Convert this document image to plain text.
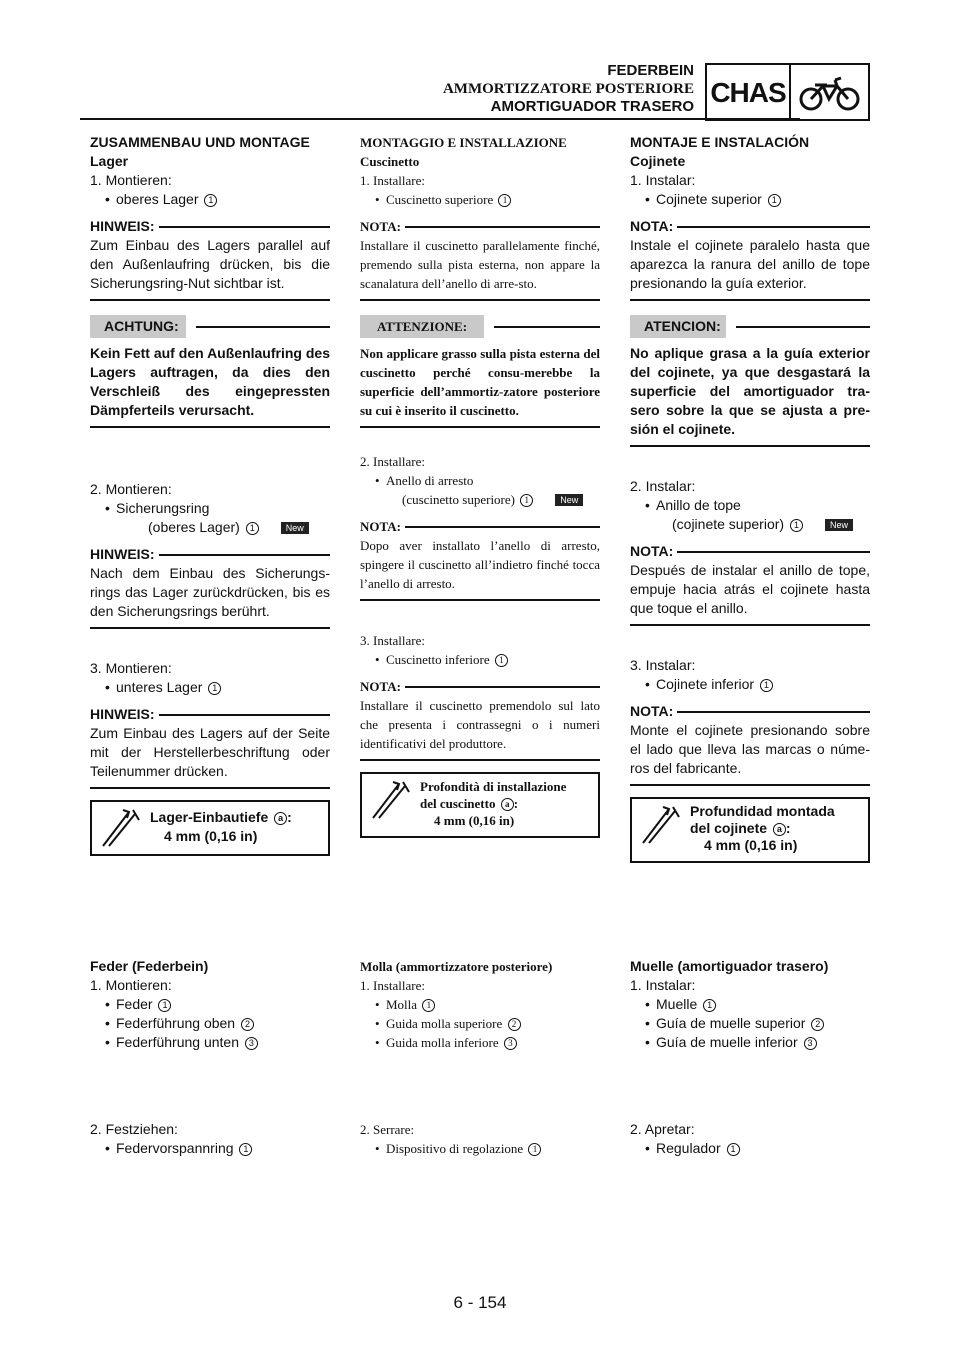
FEDERBEIN
AMMORTIZZATORE POSTERIORE
AMORTIGUADOR TRASERO CHAS
ZUSAMMENBAU UND MONTAGE
Lager
1. Montieren:
• oberes Lager 1
HINWEIS:
Zum Einbau des Lagers parallel auf den Außenlaufring drücken, bis die Sicherungsring-Nut sichtbar ist.
ACHTUNG:
Kein Fett auf den Außenlaufring des Lagers auftragen, da dies den Verschleiß des eingepressten Dämpferteils verursacht.
2. Montieren:
• Sicherungsring
(oberes Lager) 1	New
HINWEIS:
Nach dem Einbau des Sicherungs-rings das Lager zurückdrücken, bis es den Sicherungsrings berührt.
3. Montieren:
• unteres Lager 1
HINWEIS:
Zum Einbau des Lagers auf der Seite mit der Herstellerbeschriftung oder Teilenummer drücken.
Lager-Einbautiefe a :
4 mm (0,16 in)
MONTAGGIO E INSTALLAZIONE
Cuscinetto
1. Installare:
• Cuscinetto superiore 1
NOTA:
Installare il cuscinetto parallelamente finché, premendo sulla pista esterna, non appare la scanalatura dell’anello di arre-sto.
ATTENZIONE:
Non applicare grasso sulla pista esterna del cuscinetto perché consu-merebbe la superficie dell’ammortiz-zatore posteriore su cui è inserito il cuscinetto.
2. Installare:
• Anello di arresto
(cuscinetto superiore) 1	New
NOTA:
Dopo aver installato l’anello di arresto, spingere il cuscinetto all’indietro finché tocca l’anello di arresto.
3. Installare:
• Cuscinetto inferiore 1
NOTA:
Installare il cuscinetto premendolo sul lato che presenta i contrassegni o i numeri identificativi del produttore.
Profondità di installazione
del cuscinetto a :
4 mm (0,16 in)
MONTAJE E INSTALACIÓN
Cojinete
1. Instalar:
• Cojinete superior 1
NOTA:
Instale el cojinete paralelo hasta que aparezca la ranura del anillo de tope presionando la guía exterior.
ATENCION:
No aplique grasa a la guía exterior del cojinete, ya que desgastará la superficie del amortiguador tra-sero sobre la que se ajusta a pre-sión el cojinete.
2. Instalar:
• Anillo de tope
(cojinete superior) 1	New
NOTA:
Después de instalar el anillo de tope, empuje hacia atrás el cojinete hasta que toque el anillo.
3. Instalar:
• Cojinete inferior 1
NOTA:
Monte el cojinete presionando sobre el lado que lleva las marcas o núme-ros del fabricante.
Profundidad montada
del cojinete a :
4 mm (0,16 in)
Feder (Federbein)
1. Montieren:
• Feder 1
• Federführung oben 2
• Federführung unten 3
Molla (ammortizzatore posteriore)
1. Installare:
• Molla 1
• Guida molla superiore 2
• Guida molla inferiore 3
Muelle (amortiguador trasero)
1. Instalar:
• Muelle 1
• Guía de muelle superior 2
• Guía de muelle inferior 3
2. Festziehen:
• Federvorspannring 1
2. Serrare:
• Dispositivo di regolazione 1
2. Apretar:
• Regulador 1
6 - 154
